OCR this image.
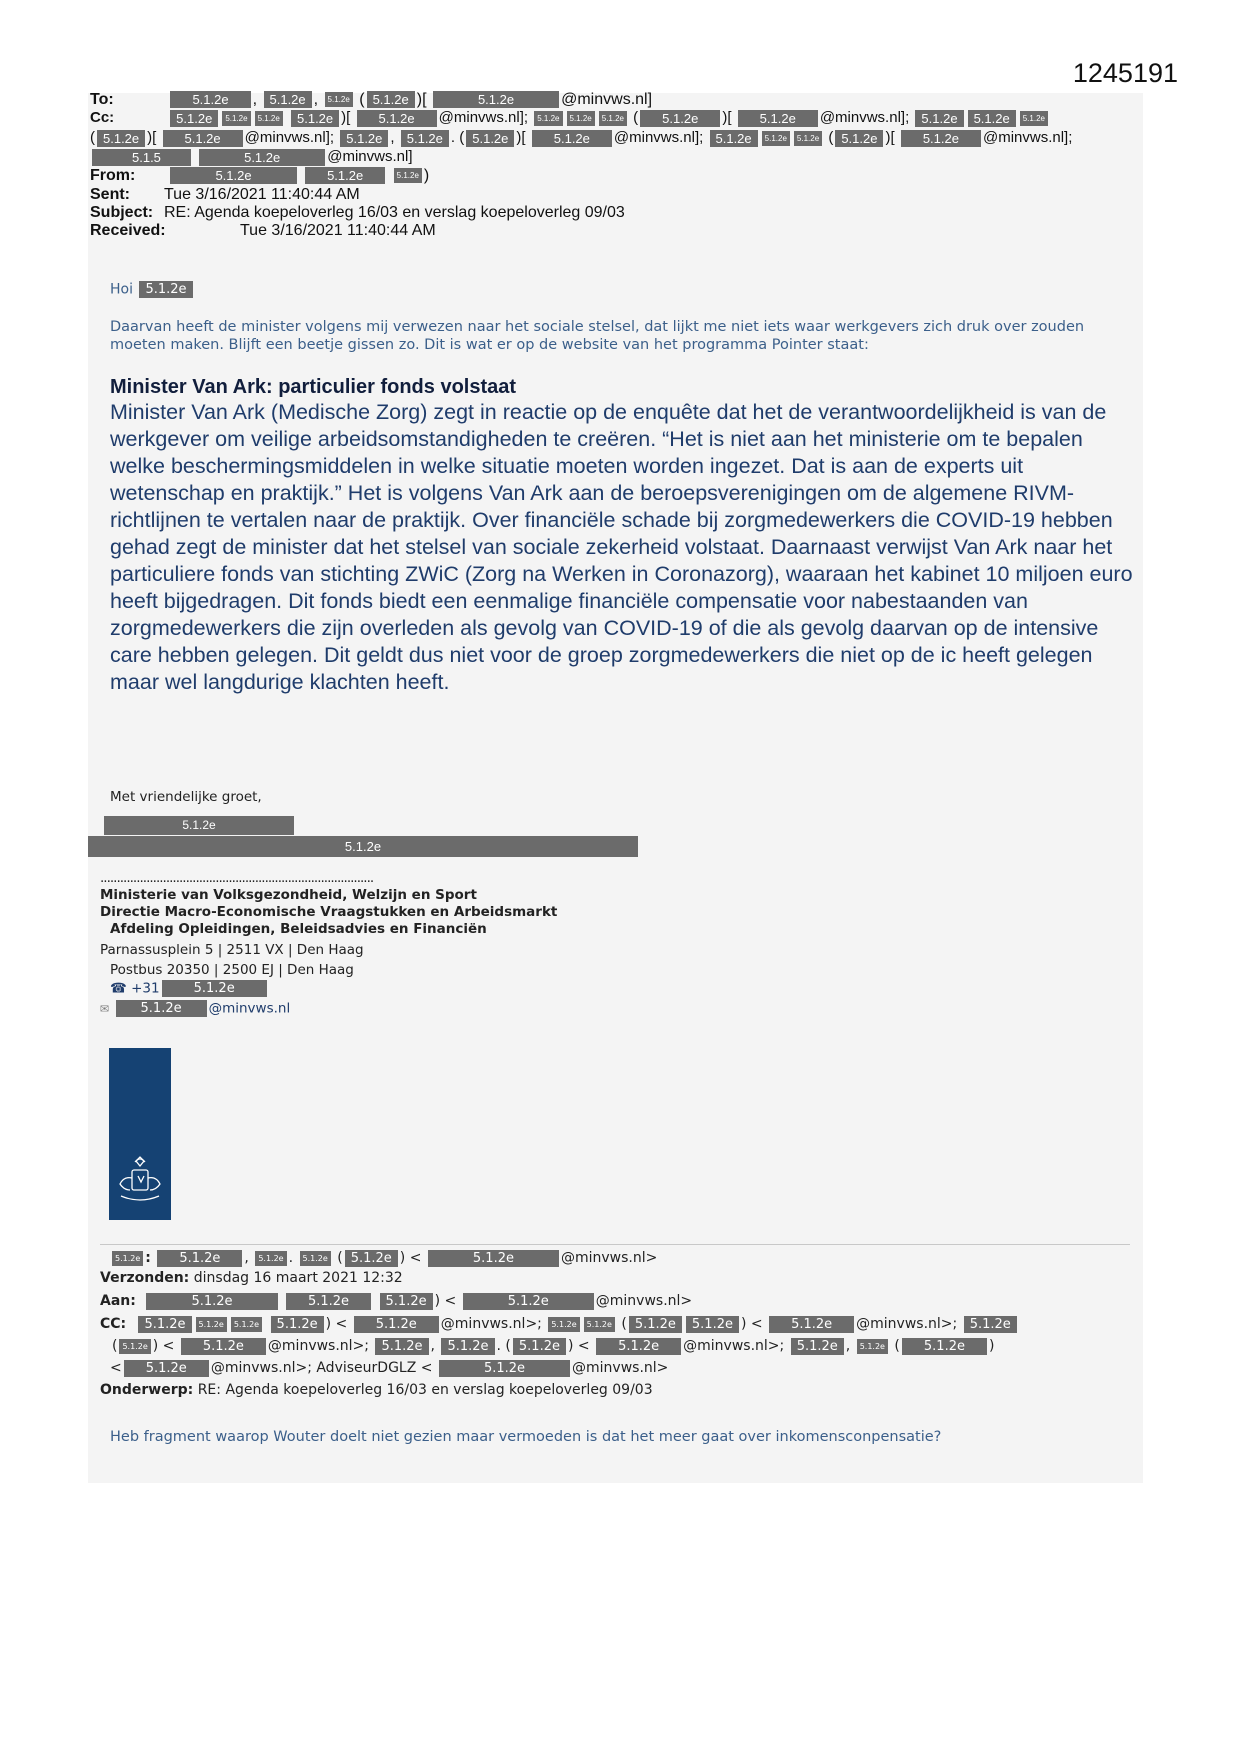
1245191
To:	5.1.2e , 5.1.2e , 5.1.2e ( 5.1.2e )[	5.1.2e	@minvws.nl]
Cc:	5.1.2e 5.1.2e 5.1.2e 5.1.2e )[ 5.1.2e @minvws.nl]; 5.1.2e 5.1.2e 5.1.2e ( 5.1.2e )[ 5.1.2e @minvws.nl]; 5.1.2e 5.1.2e 5.1.2e
( 5.1.2e )[ 5.1.2e @minvws.nl]; 5.1.2e , 5.1.2e . ( 5.1.2e )[ 5.1.2e @minvws.nl]; 5.1.2e 5.1.2e 5.1.2e ( 5.1.2e )[ 5.1.2e @minvws.nl];
5.1.5	5.1.2e	@minvws.nl]
From:	5.1.2e	5.1.2e	5.1.2e )
Sent: Tue 3/16/2021 11:40:44 AM
Subject: RE: Agenda koepeloverleg 16/03 en verslag koepeloverleg 09/03
Received:	Tue 3/16/2021 11:40:44 AM
Hoi 5.1.2e
Daarvan heeft de minister volgens mij verwezen naar het sociale stelsel, dat lijkt me niet iets waar werkgevers zich druk over zouden moeten maken. Blijft een beetje gissen zo. Dit is wat er op de website van het programma Pointer staat:
Minister Van Ark: particulier fonds volstaat
Minister Van Ark (Medische Zorg) zegt in reactie op de enquête dat het de verantwoordelijkheid is van de werkgever om veilige arbeidsomstandigheden te creëren. “Het is niet aan het ministerie om te bepalen welke beschermingsmiddelen in welke situatie moeten worden ingezet. Dat is aan de experts uit wetenschap en praktijk.” Het is volgens Van Ark aan de beroepsverenigingen om de algemene RIVM-richtlijnen te vertalen naar de praktijk. Over financiële schade bij zorgmedewerkers die COVID-19 hebben gehad zegt de minister dat het stelsel van sociale zekerheid volstaat. Daarnaast verwijst Van Ark naar het particuliere fonds van stichting ZWiC (Zorg na Werken in Coronazorg), waaraan het kabinet 10 miljoen euro heeft bijgedragen. Dit fonds biedt een eenmalige financiële compensatie voor nabestaanden van zorgmedewerkers die zijn overleden als gevolg van COVID-19 of die als gevolg daarvan op de intensive care hebben gelegen. Dit geldt dus niet voor de groep zorgmedewerkers die niet op de ic heeft gelegen maar wel langdurige klachten heeft.
Met vriendelijke groet,
5.1.2e
5.1.2e
...................................................................................
Ministerie van Volksgezondheid, Welzijn en Sport
Directie Macro-Economische Vraagstukken en Arbeidsmarkt
Afdeling Opleidingen, Beleidsadvies en Financiën
Parnassusplein 5 | 2511 VX | Den Haag
Postbus 20350 | 2500 EJ | Den Haag
☎ +31	5.1.2e
✉ 5.1.2e @minvws.nl
5.1.2e : 5.1.2e , 5.1.2e . 5.1.2e ( 5.1.2e ) <	5.1.2e	@minvws.nl>
Verzonden: dinsdag 16 maart 2021 12:32
Aan:	5.1.2e	5.1.2e	5.1.2e ) <	5.1.2e	@minvws.nl>
CC: 5.1.2e 5.1.2e 5.1.2e 5.1.2e ) < 5.1.2e @minvws.nl>; 5.1.2e 5.1.2e ( 5.1.2e 5.1.2e ) < 5.1.2e @minvws.nl>; 5.1.2e
( 5.1.2e ) < 5.1.2e @minvws.nl>; 5.1.2e , 5.1.2e . ( 5.1.2e ) < 5.1.2e @minvws.nl>; 5.1.2e , 5.1.2e ( 5.1.2e )
< 5.1.2e @minvws.nl>; AdviseurDGLZ <	5.1.2e	@minvws.nl>
Onderwerp: RE: Agenda koepeloverleg 16/03 en verslag koepeloverleg 09/03
Heb fragment waarop Wouter doelt niet gezien maar vermoeden is dat het meer gaat over inkomensconpensatie?
